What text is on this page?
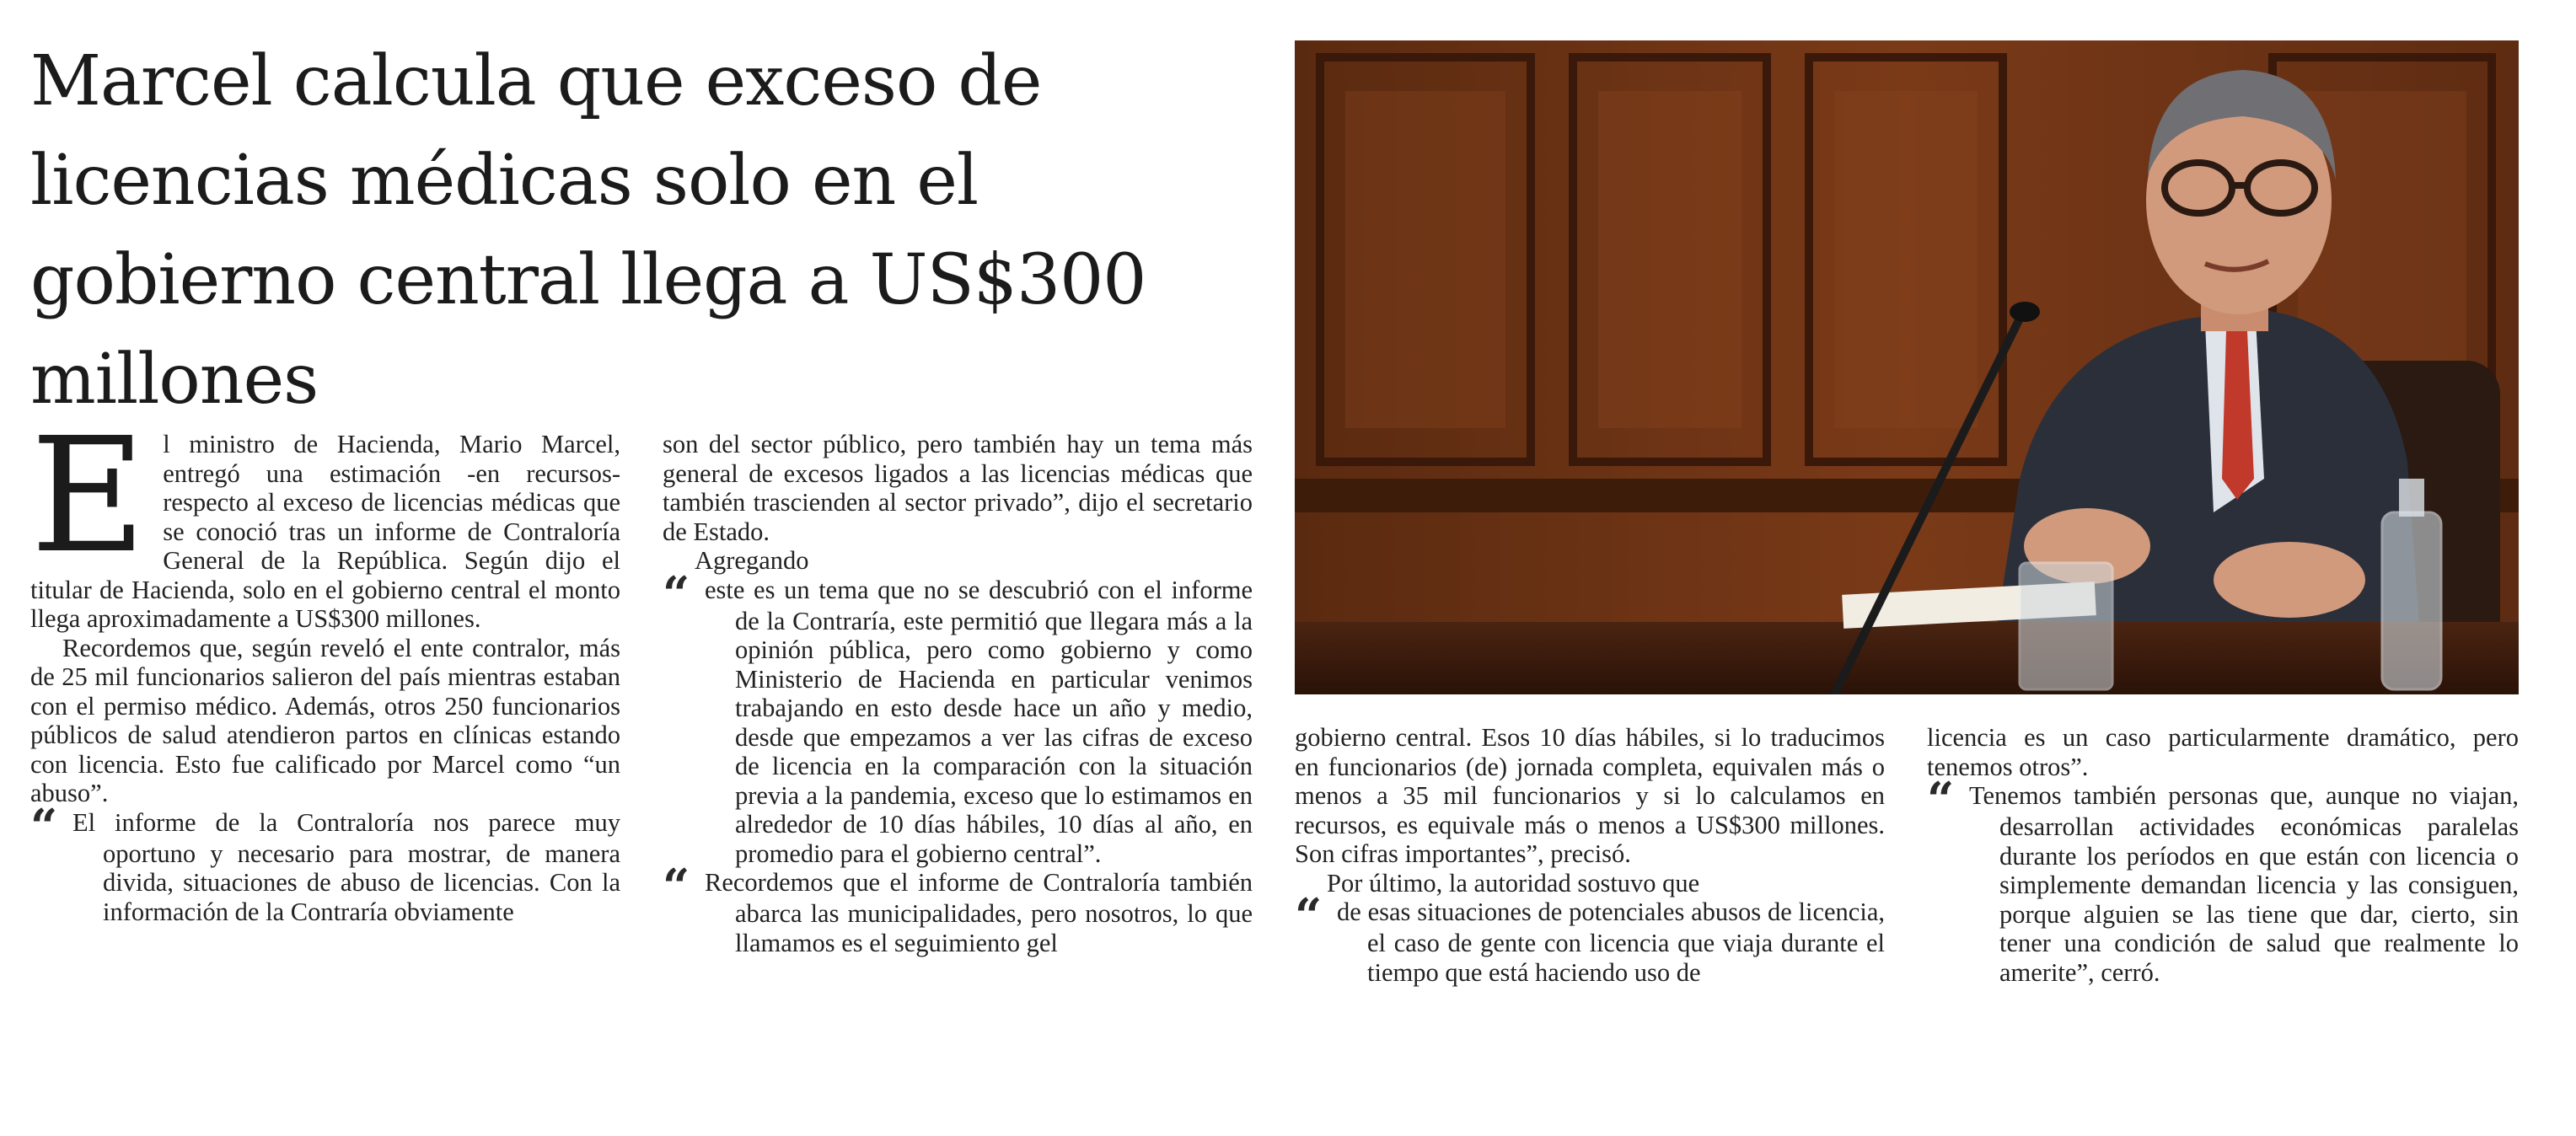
Marcel calcula que exceso de licencias médicas solo en el gobierno central llega a US$300 millones

El ministro de Hacienda, Mario Marcel, entregó una estimación -en recursos- respecto al exceso de licencias médicas que se conoció tras un informe de Contraloría General de la República. Según dijo el titular de Hacienda, solo en el gobierno central el monto llega aproximadamente a US$300 millones.

Recordemos que, según reveló el ente contralor, más de 25 mil funcionarios salieron del país mientras estaban con el permiso médico. Además, otros 250 funcionarios públicos de salud atendieron partos en clínicas estando con licencia. Esto fue calificado por Marcel como “un abuso”.

“ El informe de la Contraloría nos parece muy oportuno y necesario para mostrar, de manera divida, situaciones de abuso de licencias. Con la información de la Contraría obviamente

son del sector público, pero también hay un tema más general de excesos ligados a las licencias médicas que también trascienden al sector privado”, dijo el secretario de Estado.

Agregando

“ este es un tema que no se descubrió con el informe de la Contraría, este permitió que llegara más a la opinión pública, pero como gobierno y como Ministerio de Hacienda en particular venimos trabajando en esto desde hace un año y medio, desde que empezamos a ver las cifras de exceso de licencia en la comparación con la situación previa a la pandemia, exceso que lo estimamos en alrededor de 10 días hábiles, 10 días al año, en promedio para el gobierno central”.

“ Recordemos que el informe de Contraloría también abarca las municipalidades, pero nosotros, lo que llamamos es el seguimiento gel

gobierno central. Esos 10 días hábiles, si lo traducimos en funcionarios (de) jornada completa, equivalen más o menos a 35 mil funcionarios y si lo calculamos en recursos, es equivale más o menos a US$300 millones. Son cifras importantes”, precisó.

Por último, la autoridad sostuvo que

“ de esas situaciones de potenciales abusos de licencia, el caso de gente con licencia que viaja durante el tiempo que está haciendo uso de

licencia es un caso particularmente dramático, pero tenemos otros”.

“ Tenemos también personas que, aunque no viajan, desarrollan actividades económicas paralelas durante los períodos en que están con licencia o simplemente demandan licencia y las consiguen, porque alguien se las tiene que dar, cierto, sin tener una condición de salud que realmente lo amerite”, cerró.
